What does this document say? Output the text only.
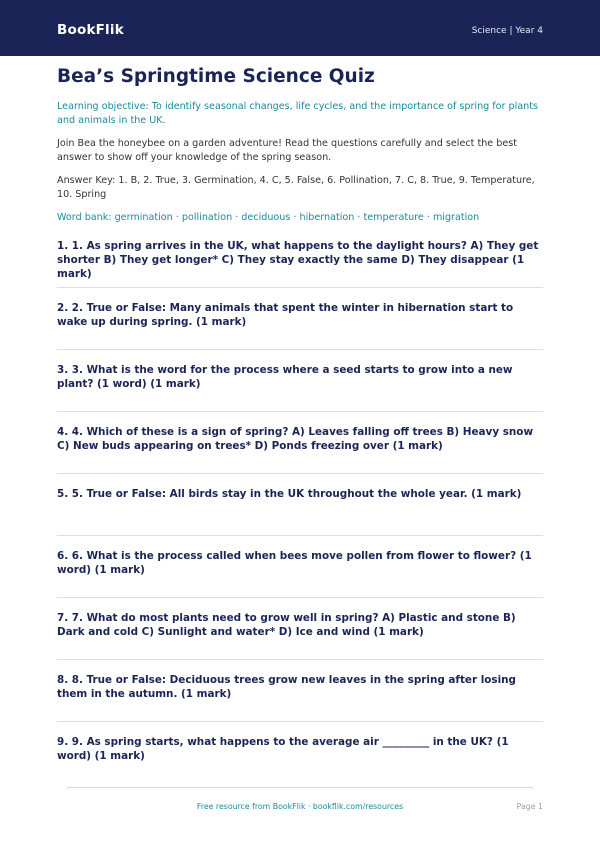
BookFlik	Science | Year 4
Bea’s Springtime Science Quiz
Learning objective: To identify seasonal changes, life cycles, and the importance of spring for plants and animals in the UK.
Join Bea the honeybee on a garden adventure! Read the questions carefully and select the best answer to show off your knowledge of the spring season.
Answer Key: 1. B, 2. True, 3. Germination, 4. C, 5. False, 6. Pollination, 7. C, 8. True, 9. Temperature, 10. Spring
Word bank: germination · pollination · deciduous · hibernation · temperature · migration
1. 1. As spring arrives in the UK, what happens to the daylight hours? A) They get shorter B) They get longer* C) They stay exactly the same D) They disappear (1 mark)
2. 2. True or False: Many animals that spent the winter in hibernation start to wake up during spring. (1 mark)
3. 3. What is the word for the process where a seed starts to grow into a new plant? (1 word) (1 mark)
4. 4. Which of these is a sign of spring? A) Leaves falling off trees B) Heavy snow C) New buds appearing on trees* D) Ponds freezing over (1 mark)
5. 5. True or False: All birds stay in the UK throughout the whole year. (1 mark)
6. 6. What is the process called when bees move pollen from flower to flower? (1 word) (1 mark)
7. 7. What do most plants need to grow well in spring? A) Plastic and stone B) Dark and cold C) Sunlight and water* D) Ice and wind (1 mark)
8. 8. True or False: Deciduous trees grow new leaves in the spring after losing them in the autumn. (1 mark)
9. 9. As spring starts, what happens to the average air _________ in the UK? (1 word) (1 mark)
Free resource from BookFlik · bookflik.com/resources	Page 1
